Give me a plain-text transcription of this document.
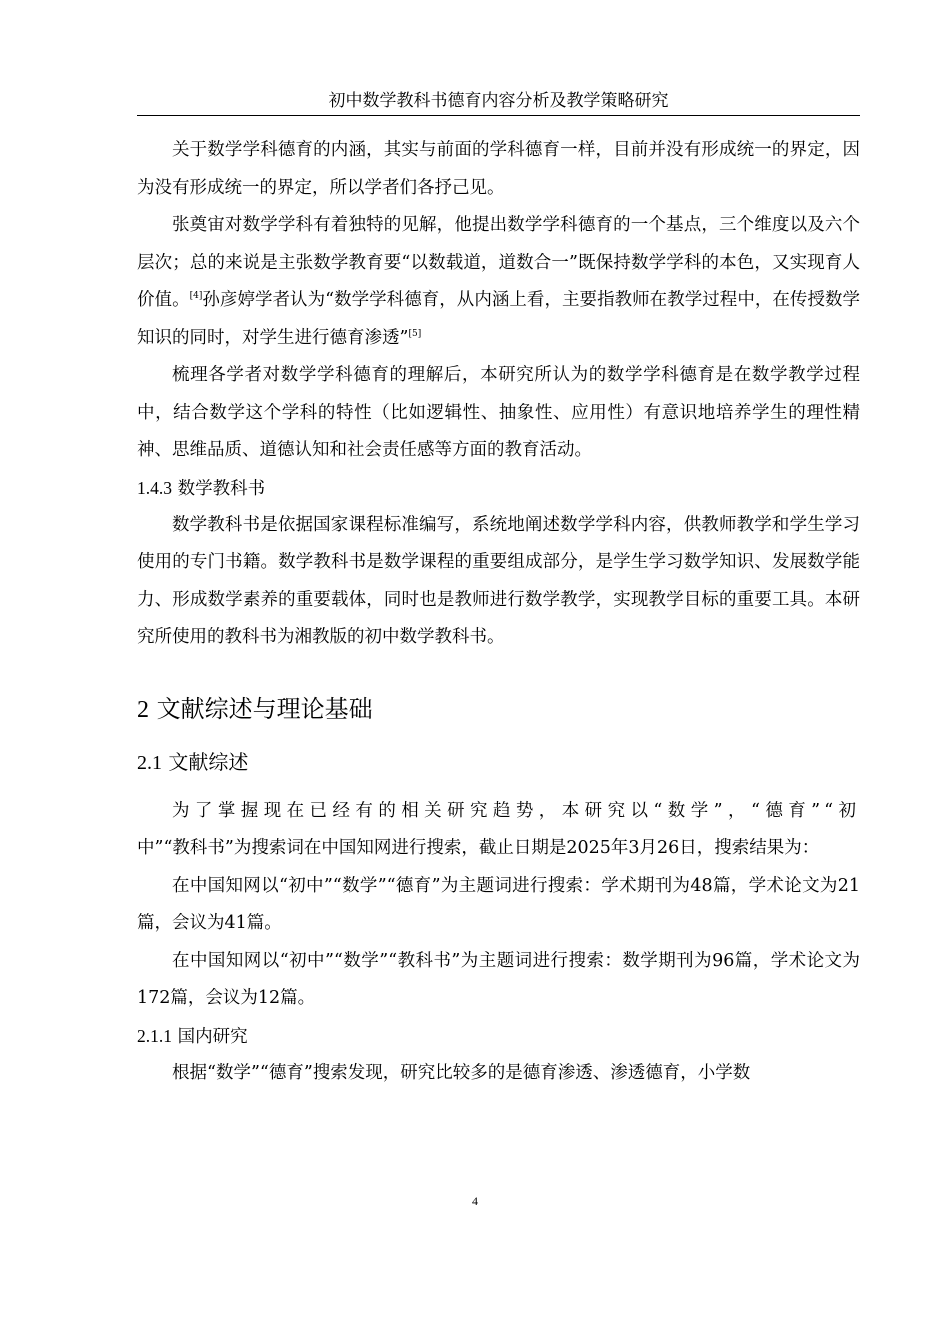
初中数学教科书德育内容分析及教学策略研究

关于数学学科德育的内涵，其实与前面的学科德育一样，目前并没有形成统一的界定，因为没有形成统一的界定，所以学者们各抒己见。

张奠宙对数学学科有着独特的见解，他提出数学学科德育的一个基点，三个维度以及六个层次；总的来说是主张数学教育要“以数载道，道数合一”既保持数学学科的本色，又实现育人价值。[4]孙彦婷学者认为“数学学科德育，从内涵上看，主要指教师在教学过程中，在传授数学知识的同时，对学生进行德育渗透”[5]

梳理各学者对数学学科德育的理解后，本研究所认为的数学学科德育是在数学教学过程中，结合数学这个学科的特性（比如逻辑性、抽象性、应用性）有意识地培养学生的理性精神、思维品质、道德认知和社会责任感等方面的教育活动。

1.4.3 数学教科书

数学教科书是依据国家课程标准编写，系统地阐述数学学科内容，供教师教学和学生学习使用的专门书籍。数学教科书是数学课程的重要组成部分，是学生学习数学知识、发展数学能力、形成数学素养的重要载体，同时也是教师进行数学教学，实现教学目标的重要工具。本研究所使用的教科书为湘教版的初中数学教科书。

2 文献综述与理论基础
2.1 文献综述

为了掌握现在已经有的相关研究趋势，本研究以“数学”，“德育”“初中”“教科书”为搜索词在中国知网进行搜索，截止日期是2025年3月26日，搜索结果为：

在中国知网以“初中”“数学”“德育”为主题词进行搜索：学术期刊为48篇，学术论文为21篇，会议为41篇。

在中国知网以“初中”“数学”“教科书”为主题词进行搜索：数学期刊为96篇，学术论文为172篇，会议为12篇。

2.1.1 国内研究

根据“数学”“德育”搜索发现，研究比较多的是德育渗透、渗透德育，小学数

4
